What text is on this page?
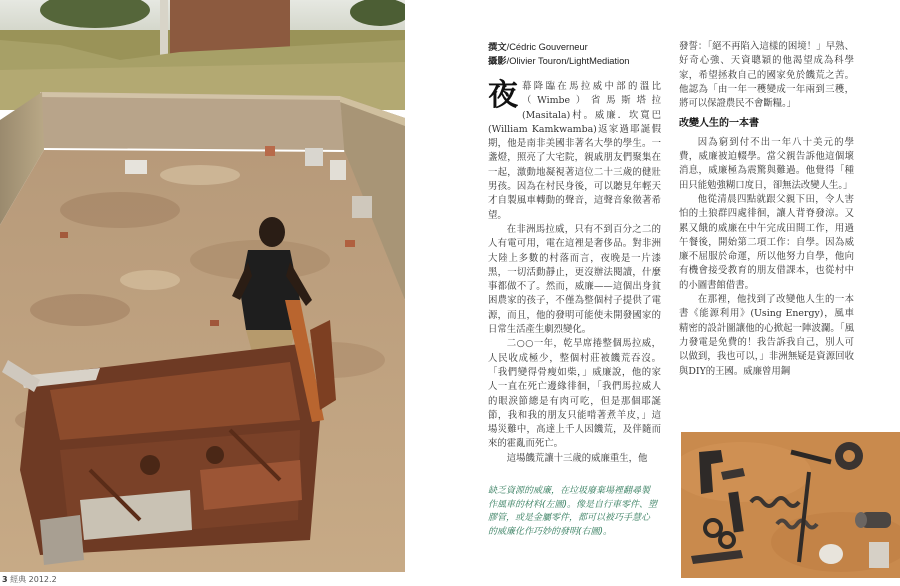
3 經典 2012.2
撰文/Cédric Gouverneur
攝影/Olivier Touron/LightMediation

夜幕降臨在馬拉威中部的溫比（Wimbe）省馬斯塔拉(Masitala)村。威廉．坎寬巴(William Kamkwamba)返家過耶誕假期，他是南非美國非著名大學的學生。一盞燈，照亮了大宅院，親戚朋友們聚集在一起，激動地凝視著這位二十三歲的健壯男孩。因為在村民身後，可以聽見年輕天才自製風車轉動的聲音，這聲音象徵著希望。

在非洲馬拉威，只有不到百分之二的人有電可用，電在這裡是奢侈品。對非洲大陸上多數的村落而言，夜晚是一片漆黑，一切活動靜止，更沒辦法閱讀，什麼事都做不了。然而，威廉——這個出身貧困農家的孩子，不僅為整個村子提供了電源，而且，他的發明可能使未開發國家的日常生活產生劇烈變化。

二○○一年，乾旱席捲整個馬拉威，人民收成極少，整個村莊被饑荒吞沒。「我們變得骨瘦如柴，」威廉說，他的家人一直在死亡邊緣徘徊，「我們馬拉威人的眼淚節總是有肉可吃，但是那個耶誕節，我和我的朋友只能啃著煮羊皮，」這場災難中，高達上千人因饑荒，及伴隨而來的霍亂而死亡。

這場饑荒讓十三歲的威廉重生，他

發誓：「絕不再陷入這樣的困境！」早熟、好奇心強、天資聰穎的他渴望成為科學家，希望拯救自己的國家免於饑荒之苦。他認為「由一年一穫變成一年兩到三穫，將可以保證農民不會斷糧。」

改變人生的一本書

因為窮到付不出一年八十美元的學費，威廉被迫輟學。當父親告訴他這個壞消息，威廉極為震驚與難過。他覺得「種田只能勉強糊口度日，卻無法改變人生。」

他從清晨四點就跟父親下田，令人害怕的土狼群四處徘徊，讓人背脊發涼。又累又餓的威廉在中午完成田間工作，用過午餐後，開始第二項工作：自學。因為威廉不屈服於命運，所以他努力自學，他向有機會接受教育的朋友借課本，也從村中的小圖書館借書。

在那裡，他找到了改變他人生的一本書《能源利用》(Using Energy)，風車精密的設計圖讓他的心掀起一陣波瀾。「風力發電是免費的！我告訴我自己，別人可以做到，我也可以，」非洲無疑是資源回收與DIY的王國。威廉曾用鋼

缺乏資源的威廉，在垃圾廢棄場裡翻尋製作風車的材料(左圖)。像是自行車零件、塑膠管，或是金屬零件，都可以被巧手慧心的威廉化作巧妙的發明(右圖)。
